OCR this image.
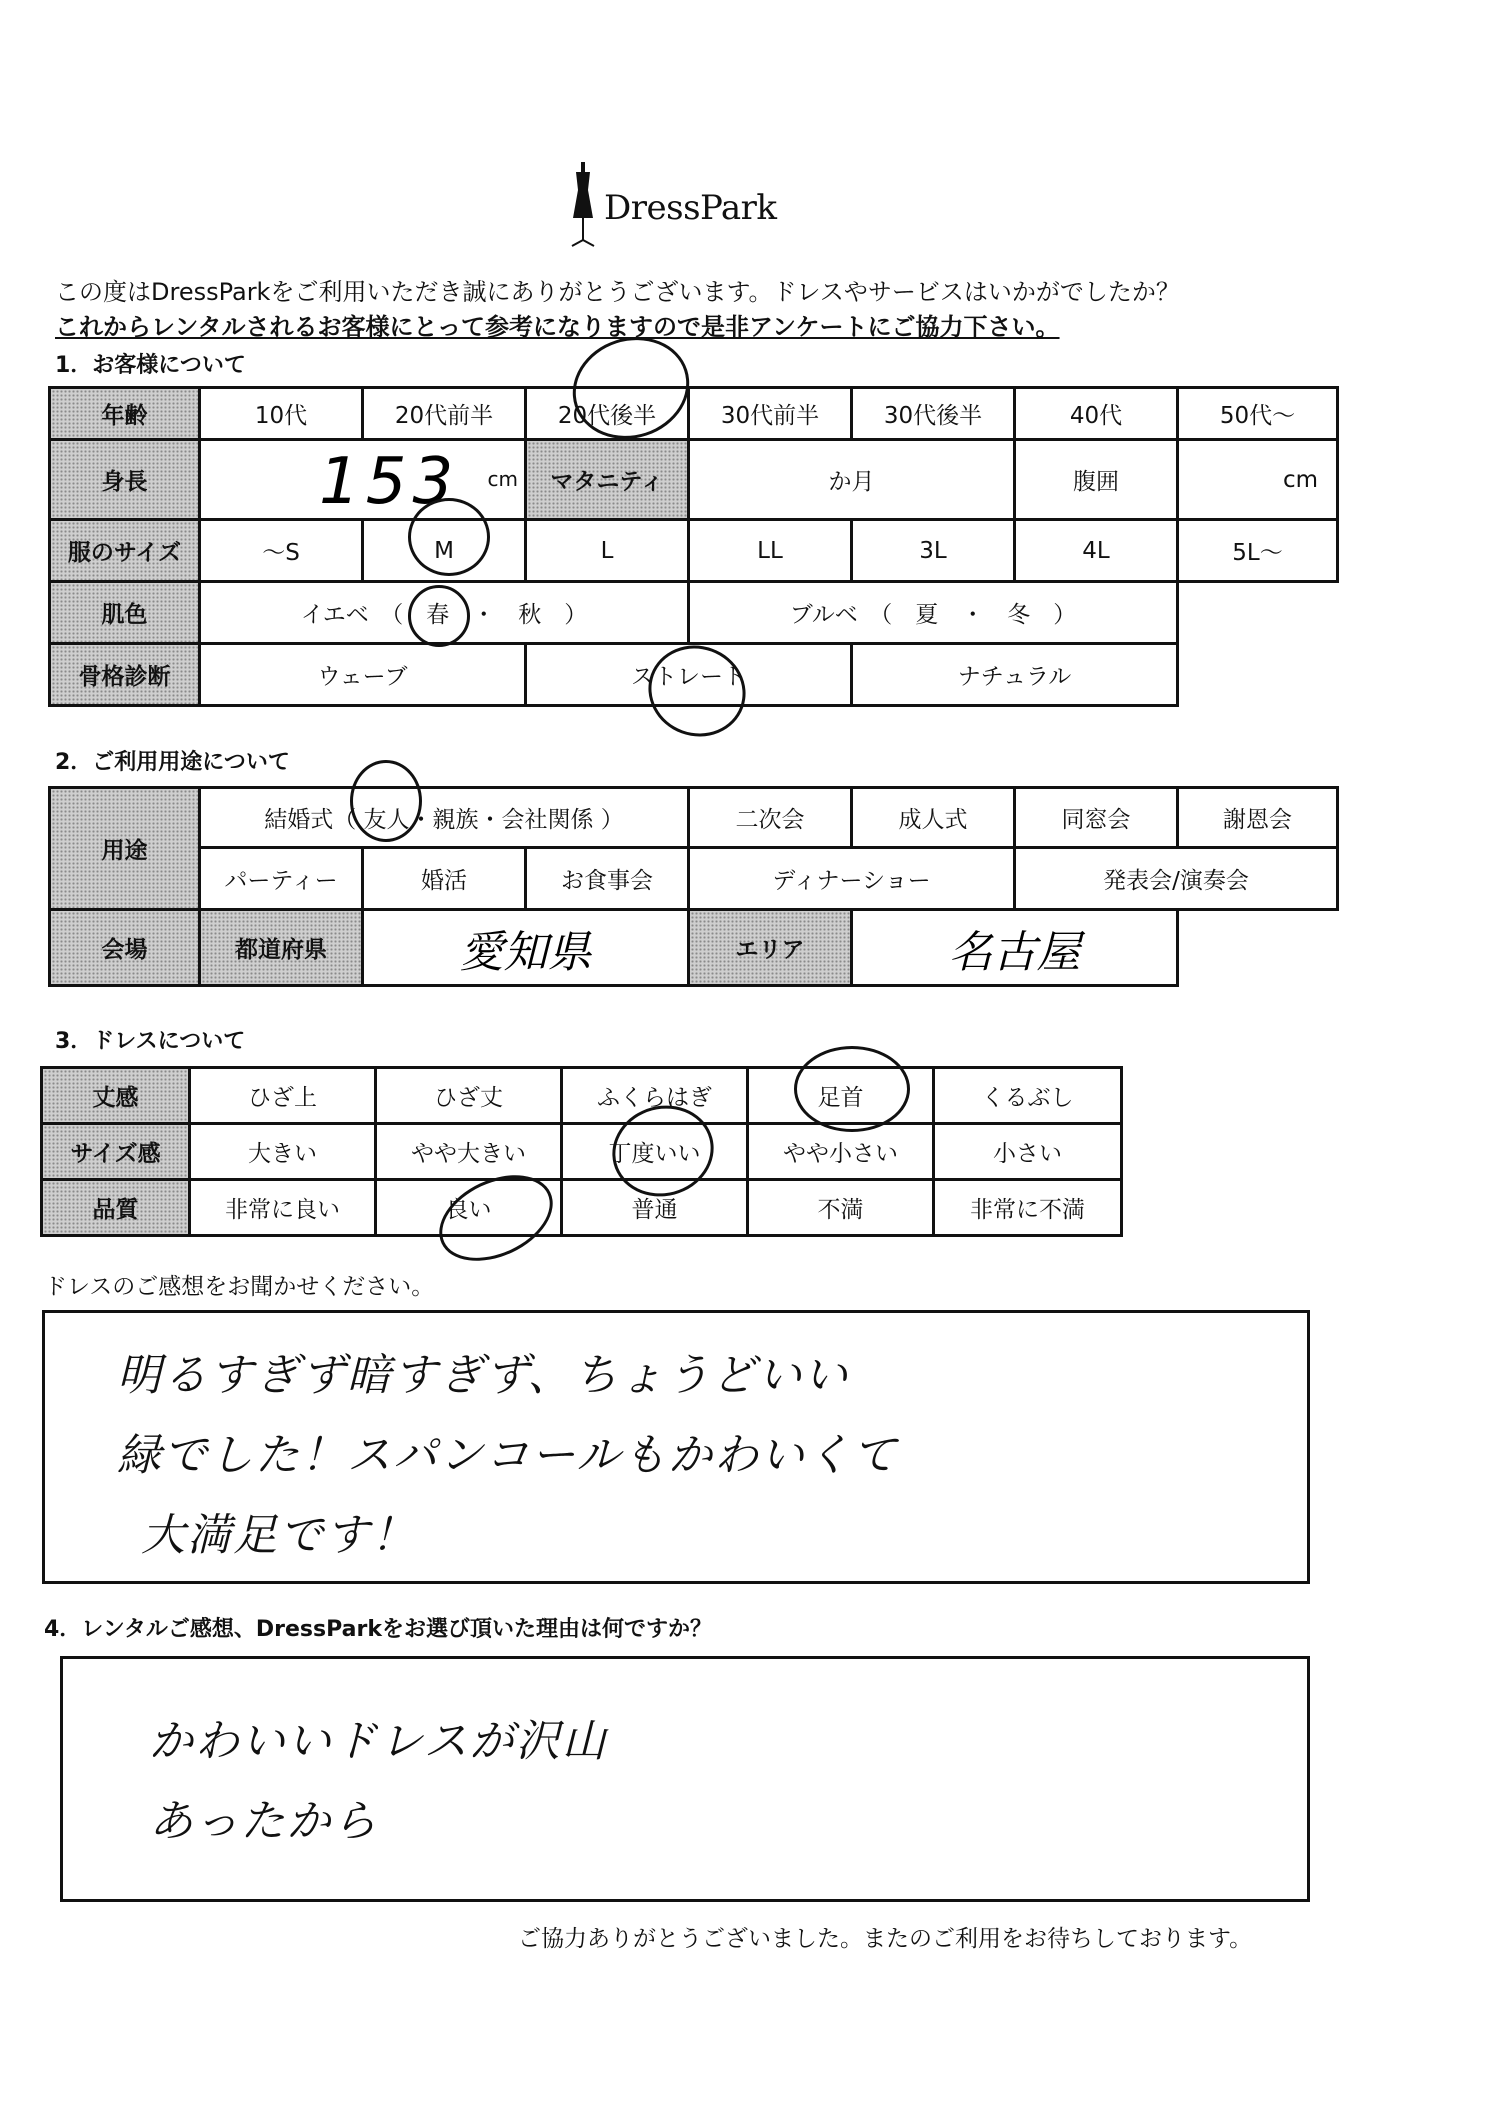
DressPark
この度はDressParkをご利用いただき誠にありがとうございます。ドレスやサービスはいかがでしたか？
これからレンタルされるお客様にとって参考になりますので是非アンケートにご協力下さい。
1．お客様について
年齢	10代	20代前半	20代後半	30代前半	30代後半	40代	50代～
身長	153 cm		マタニティ	か月		腹囲	cm
服のサイズ	～S	M	L	LL	3L	4L	5L～
肌色	イエベ　（　春　・　秋　）			ブルベ　（　夏　・　冬　）			
骨格診断	ウェーブ		ストレート		ナチュラル		
2．ご利用用途について
用途	結婚式（ 友人・親族・会社関係 ）			二次会	成人式	同窓会	謝恩会
	パーティー	婚活	お食事会	ディナーショー		発表会/演奏会	
会場	都道府県	愛知県		エリア	名古屋		
3．ドレスについて
丈感	ひざ上	ひざ丈	ふくらはぎ	足首	くるぶし
サイズ感	大きい	やや大きい	丁度いい	やや小さい	小さい
品質	非常に良い	良い	普通	不満	非常に不満
ドレスのご感想をお聞かせください。
明るすぎず暗すぎず、ちょうどいい
緑でした！スパンコールもかわいくて
大満足です！
4．レンタルご感想、DressParkをお選び頂いた理由は何ですか？
かわいいドレスが沢山
あったから
ご協力ありがとうございました。またのご利用をお待ちしております。
